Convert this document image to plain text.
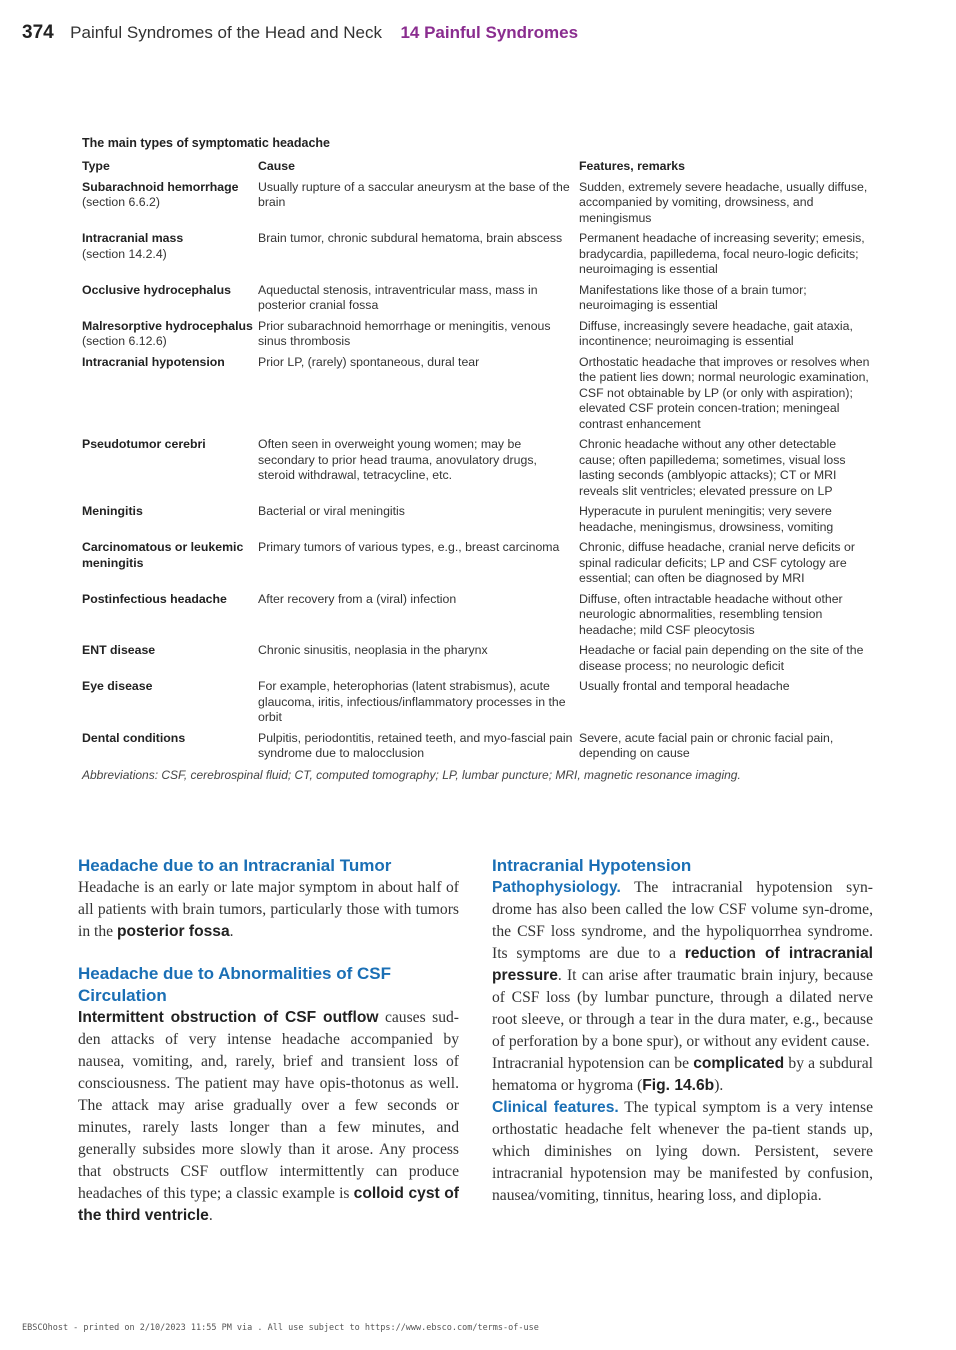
374 Painful Syndromes of the Head and Neck 14 Painful Syndromes
The main types of symptomatic headache
Type	Cause	Features, remarks
Subarachnoid hemorrhage
(section 6.6.2)	Usually rupture of a saccular aneurysm at the base of the brain	Sudden, extremely severe headache, usually diffuse, accompanied by vomiting, drowsiness, and meningismus
Intracranial mass
(section 14.2.4)	Brain tumor, chronic subdural hematoma, brain abscess	Permanent headache of increasing severity; emesis, bradycardia, papilledema, focal neuro-logic deficits; neuroimaging is essential
Occlusive hydrocephalus	Aqueductal stenosis, intraventricular mass, mass in posterior cranial fossa	Manifestations like those of a brain tumor; neuroimaging is essential
Malresorptive hydrocephalus
(section 6.12.6)	Prior subarachnoid hemorrhage or meningitis, venous sinus thrombosis	Diffuse, increasingly severe headache, gait ataxia, incontinence; neuroimaging is essential
Intracranial hypotension	Prior LP, (rarely) spontaneous, dural tear	Orthostatic headache that improves or resolves when the patient lies down; normal neurologic examination, CSF not obtainable by LP (or only with aspiration); elevated CSF protein concen-tration; meningeal contrast enhancement
Pseudotumor cerebri	Often seen in overweight young women; may be secondary to prior head trauma, anovulatory drugs, steroid withdrawal, tetracycline, etc.	Chronic headache without any other detectable cause; often papilledema; sometimes, visual loss lasting seconds (amblyopic attacks); CT or MRI reveals slit ventricles; elevated pressure on LP
Meningitis	Bacterial or viral meningitis	Hyperacute in purulent meningitis; very severe headache, meningismus, drowsiness, vomiting
Carcinomatous or leukemic meningitis	Primary tumors of various types, e.g., breast carcinoma	Chronic, diffuse headache, cranial nerve deficits or spinal radicular deficits; LP and CSF cytology are essential; can often be diagnosed by MRI
Postinfectious headache	After recovery from a (viral) infection	Diffuse, often intractable headache without other neurologic abnormalities, resembling tension headache; mild CSF pleocytosis
ENT disease	Chronic sinusitis, neoplasia in the pharynx	Headache or facial pain depending on the site of the disease process; no neurologic deficit
Eye disease	For example, heterophorias (latent strabismus), acute glaucoma, iritis, infectious/inflammatory processes in the orbit	Usually frontal and temporal headache
Dental conditions	Pulpitis, periodontitis, retained teeth, and myo-fascial pain syndrome due to malocclusion	Severe, acute facial pain or chronic facial pain, depending on cause
Abbreviations: CSF, cerebrospinal fluid; CT, computed tomography; LP, lumbar puncture; MRI, magnetic resonance imaging.
Headache due to an Intracranial Tumor

Headache is an early or late major symptom in about half of all patients with brain tumors, particularly those with tumors in the posterior fossa.

Headache due to Abnormalities of CSF Circulation

Intermittent obstruction of CSF outflow causes sud-den attacks of very intense headache accompanied by nausea, vomiting, and, rarely, brief and transient loss of consciousness. The patient may have opis-thotonus as well. The attack may arise gradually over a few seconds or minutes, rarely lasts longer than a few minutes, and generally subsides more slowly than it arose. Any process that obstructs CSF outflow intermittently can produce headaches of this type; a classic example is colloid cyst of the third ventricle.

Intracranial Hypotension

Pathophysiology. The intracranial hypotension syn-drome has also been called the low CSF volume syn-drome, the CSF loss syndrome, and the hypoliquorrhea syndrome. Its symptoms are due to a reduction of intracranial pressure. It can arise after traumatic brain injury, because of CSF loss (by lumbar puncture, through a dilated nerve root sleeve, or through a tear in the dura mater, e.g., because of perforation by a bone spur), or without any evident cause.

Intracranial hypotension can be complicated by a subdural hematoma or hygroma (Fig. 14.6b).

Clinical features. The typical symptom is a very intense orthostatic headache felt whenever the pa-tient stands up, which diminishes on lying down. Persistent, severe intracranial hypotension may be manifested by confusion, nausea/vomiting, tinnitus, hearing loss, and diplopia.

EBSCOhost - printed on 2/10/2023 11:55 PM via . All use subject to https://www.ebsco.com/terms-of-use
